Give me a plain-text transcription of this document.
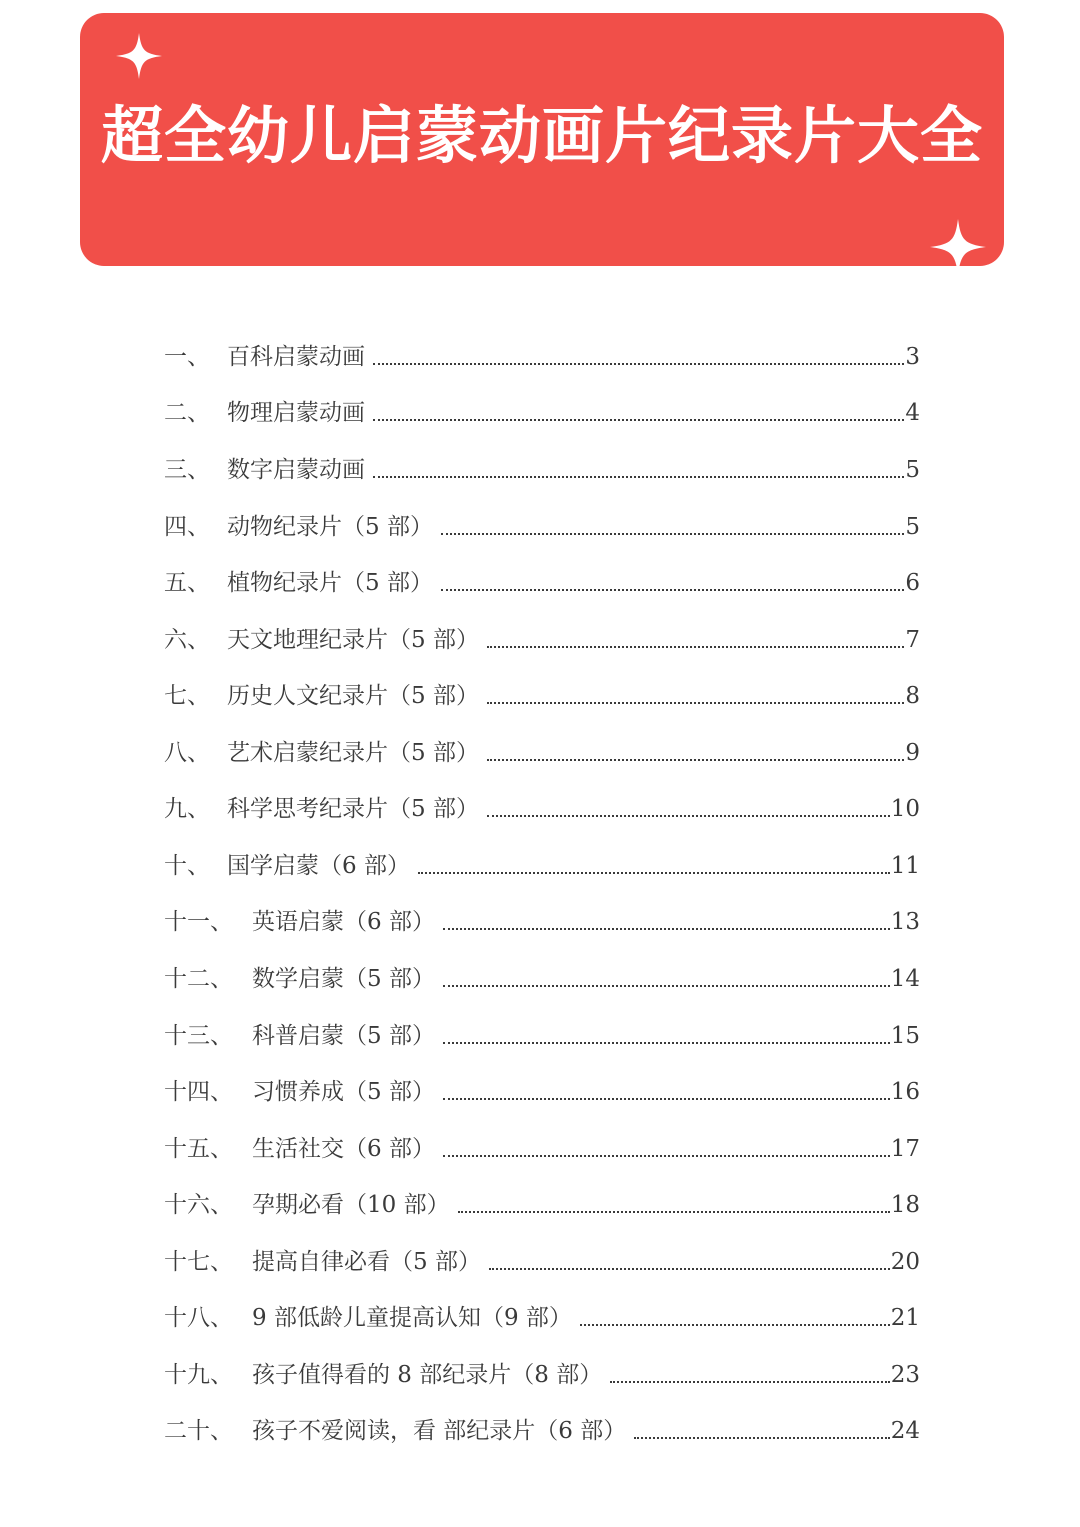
超全幼儿启蒙动画片纪录片大全
一、 百科启蒙动画	3
二、 物理启蒙动画	4
三、 数字启蒙动画	5
四、 动物纪录片（5 部）	5
五、 植物纪录片（5 部）	6
六、 天文地理纪录片（5 部）	7
七、 历史人文纪录片（5 部）	8
八、 艺术启蒙纪录片（5 部）	9
九、 科学思考纪录片（5 部）	10
十、 国学启蒙（6 部）	11
十一、 英语启蒙（6 部）	13
十二、 数学启蒙（5 部）	14
十三、 科普启蒙（5 部）	15
十四、 习惯养成（5 部）	16
十五、 生活社交（6 部）	17
十六、 孕期必看（10 部）	18
十七、 提高自律必看（5 部）	20
十八、 9 部低龄儿童提高认知（9 部）	21
十九、 孩子值得看的 8 部纪录片（8 部）	23
二十、 孩子不爱阅读，看 部纪录片（6 部）	24
